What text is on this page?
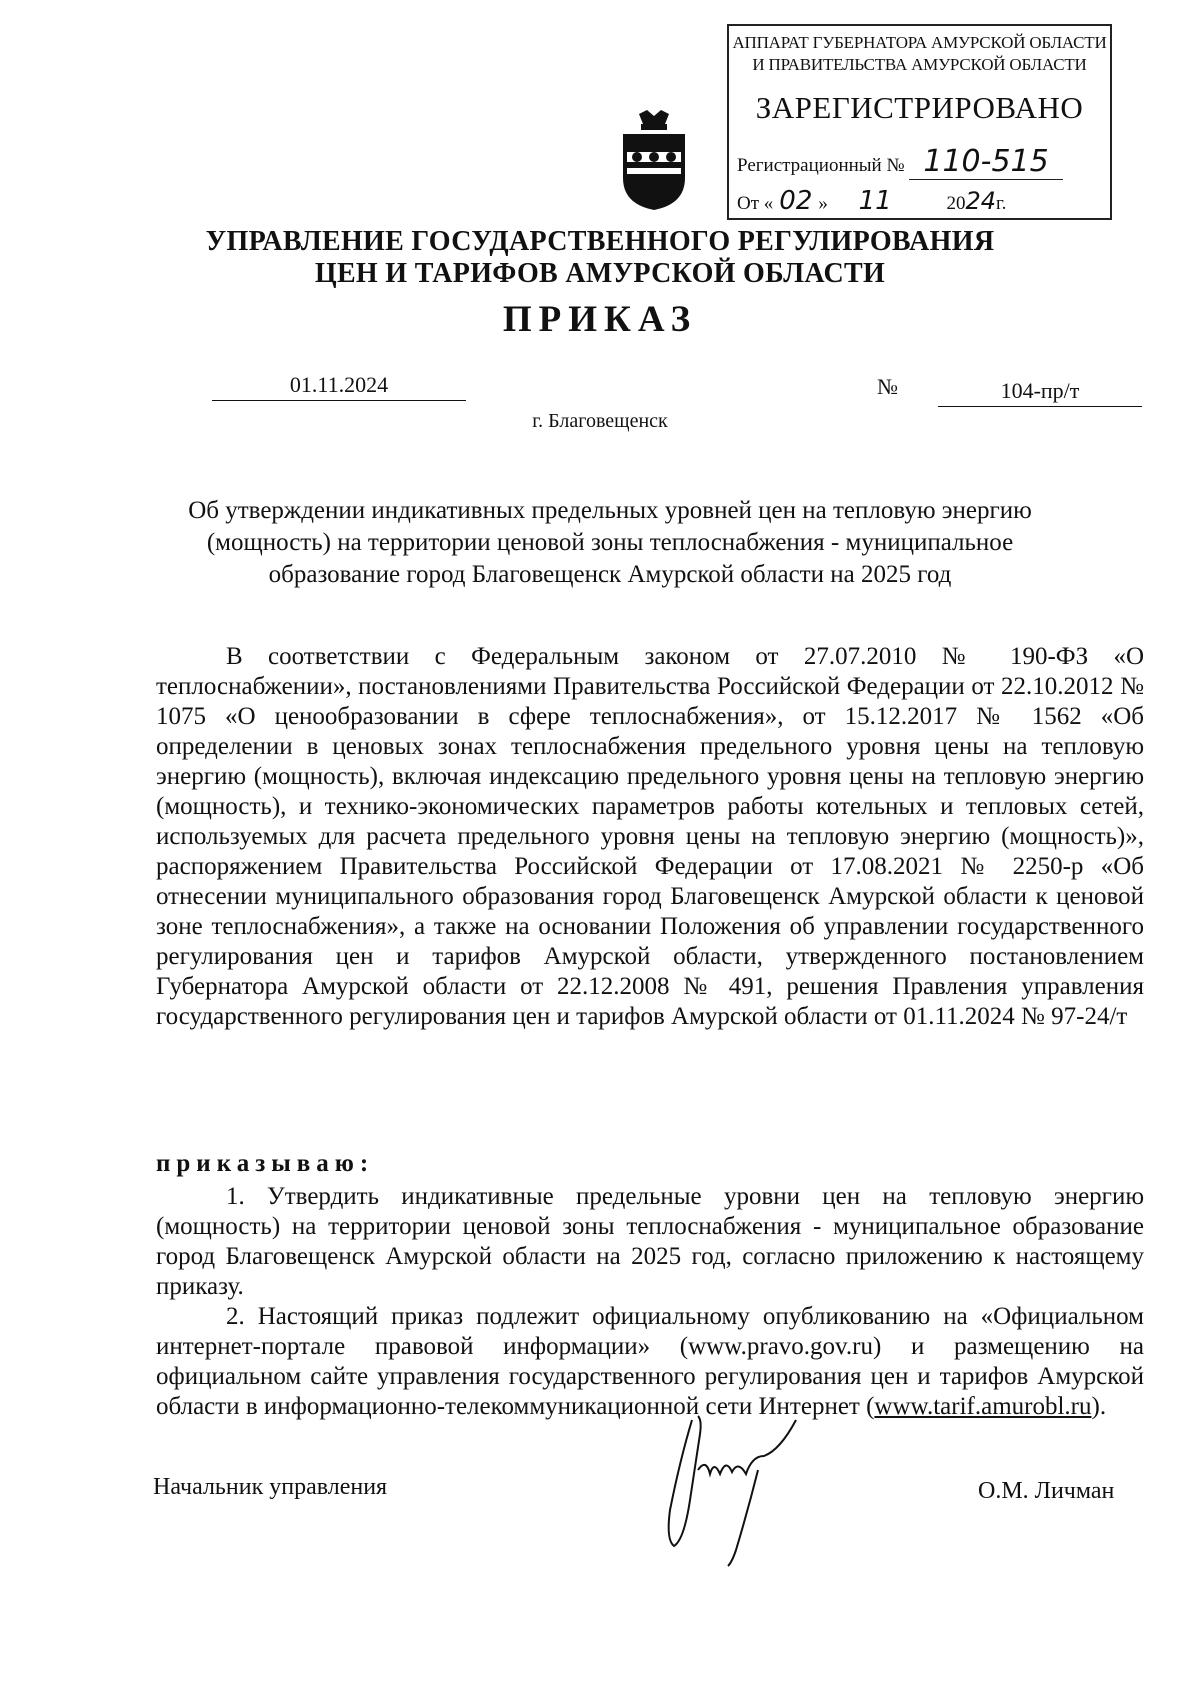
АППАРАТ ГУБЕРНАТОРА АМУРСКОЙ ОБЛАСТИ
И ПРАВИТЕЛЬСТВА АМУРСКОЙ ОБЛАСТИ
ЗАРЕГИСТРИРОВАНО
Регистрационный № 110-515
От « 02 » 11	2024г.
УПРАВЛЕНИЕ ГОСУДАРСТВЕННОГО РЕГУЛИРОВАНИЯ
ЦЕН И ТАРИФОВ АМУРСКОЙ ОБЛАСТИ
ПРИКАЗ
01.11.2024	№	104-пр/т
г. Благовещенск
Об утверждении индикативных предельных уровней цен на тепловую энергию
(мощность) на территории ценовой зоны теплоснабжения - муниципальное
образование город Благовещенск Амурской области на 2025 год

В соответствии с Федеральным законом от 27.07.2010 № 190-ФЗ «О теплоснабжении», постановлениями Правительства Российской Федерации от 22.10.2012 № 1075 «О ценообразовании в сфере теплоснабжения», от 15.12.2017 № 1562 «Об определении в ценовых зонах теплоснабжения предельного уровня цены на тепловую энергию (мощность), включая индексацию предельного уровня цены на тепловую энергию (мощность), и технико-экономических параметров работы котельных и тепловых сетей, используемых для расчета предельного уровня цены на тепловую энергию (мощность)», распоряжением Правительства Российской Федерации от 17.08.2021 № 2250-р «Об отнесении муниципального образования город Благовещенск Амурской области к ценовой зоне теплоснабжения», а также на основании Положения об управлении государственного регулирования цен и тарифов Амурской области, утвержденного постановлением Губернатора Амурской области от 22.12.2008 № 491, решения Правления управления государственного регулирования цен и тарифов Амурской области от 01.11.2024 № 97-24/т

приказываю:

1. Утвердить индикативные предельные уровни цен на тепловую энергию (мощность) на территории ценовой зоны теплоснабжения - муниципальное образование город Благовещенск Амурской области на 2025 год, согласно приложению к настоящему приказу.

2. Настоящий приказ подлежит официальному опубликованию на «Официальном интернет-портале правовой информации» (www.pravo.gov.ru) и размещению на официальном сайте управления государственного регулирования цен и тарифов Амурской области в информационно-телекоммуникационной сети Интернет (www.tarif.amurobl.ru).

Начальник управления	О.М. Личман
